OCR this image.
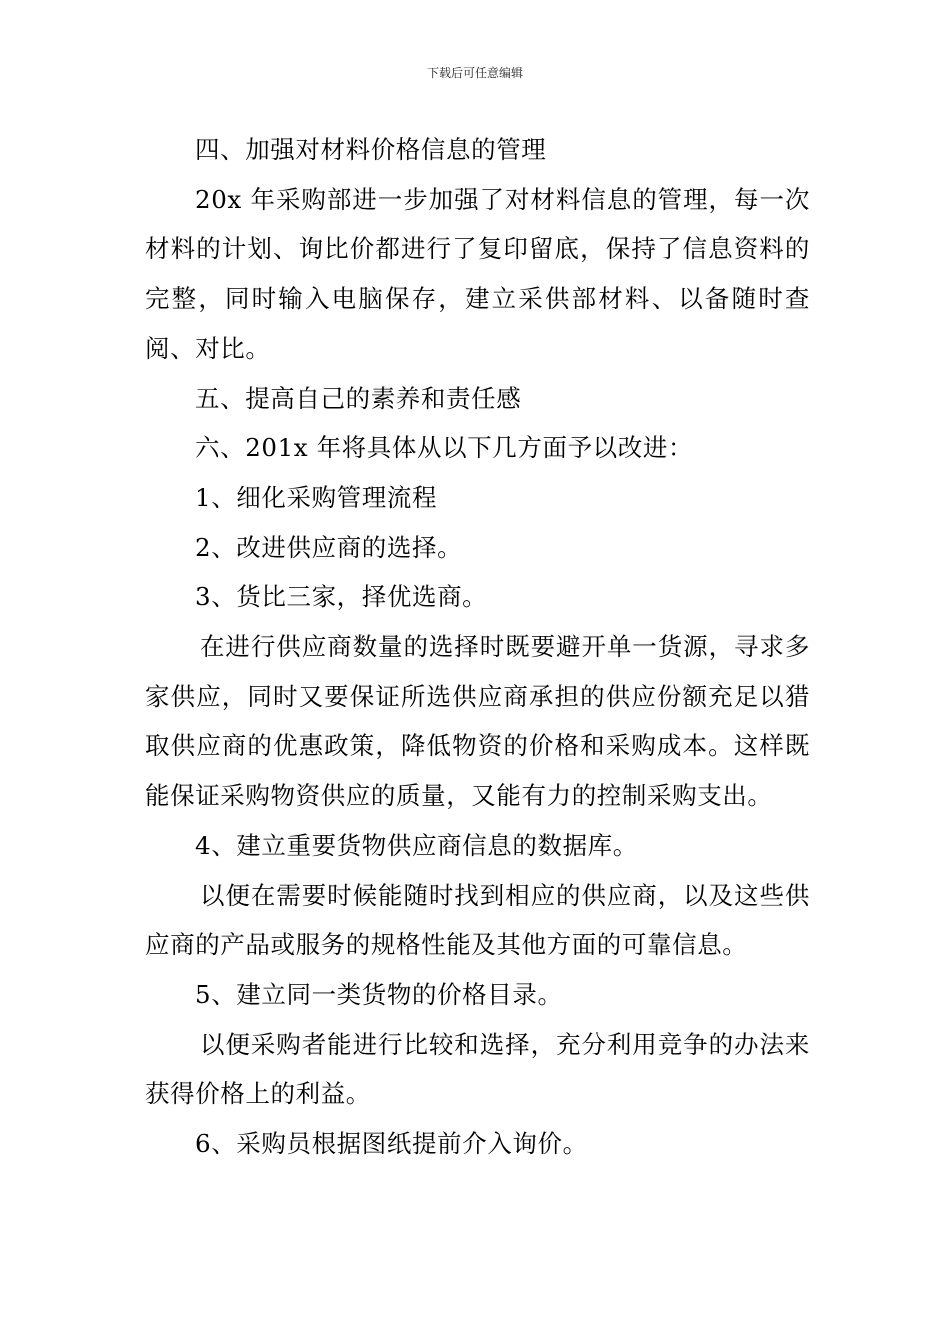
下载后可任意编辑

四、加强对材料价格信息的管理

20x 年采购部进一步加强了对材料信息的管理，每一次材料的计划、询比价都进行了复印留底，保持了信息资料的完整，同时输入电脑保存，建立采供部材料、以备随时查阅、对比。

五、提高自己的素养和责任感

六、201x 年将具体从以下几方面予以改进：

1、细化采购管理流程

2、改进供应商的选择。

3、货比三家，择优选商。

在进行供应商数量的选择时既要避开单一货源，寻求多家供应，同时又要保证所选供应商承担的供应份额充足以猎取供应商的优惠政策，降低物资的价格和采购成本。这样既能保证采购物资供应的质量，又能有力的控制采购支出。

4、建立重要货物供应商信息的数据库。

以便在需要时候能随时找到相应的供应商，以及这些供应商的产品或服务的规格性能及其他方面的可靠信息。

5、建立同一类货物的价格目录。

以便采购者能进行比较和选择，充分利用竞争的办法来获得价格上的利益。

6、采购员根据图纸提前介入询价。
